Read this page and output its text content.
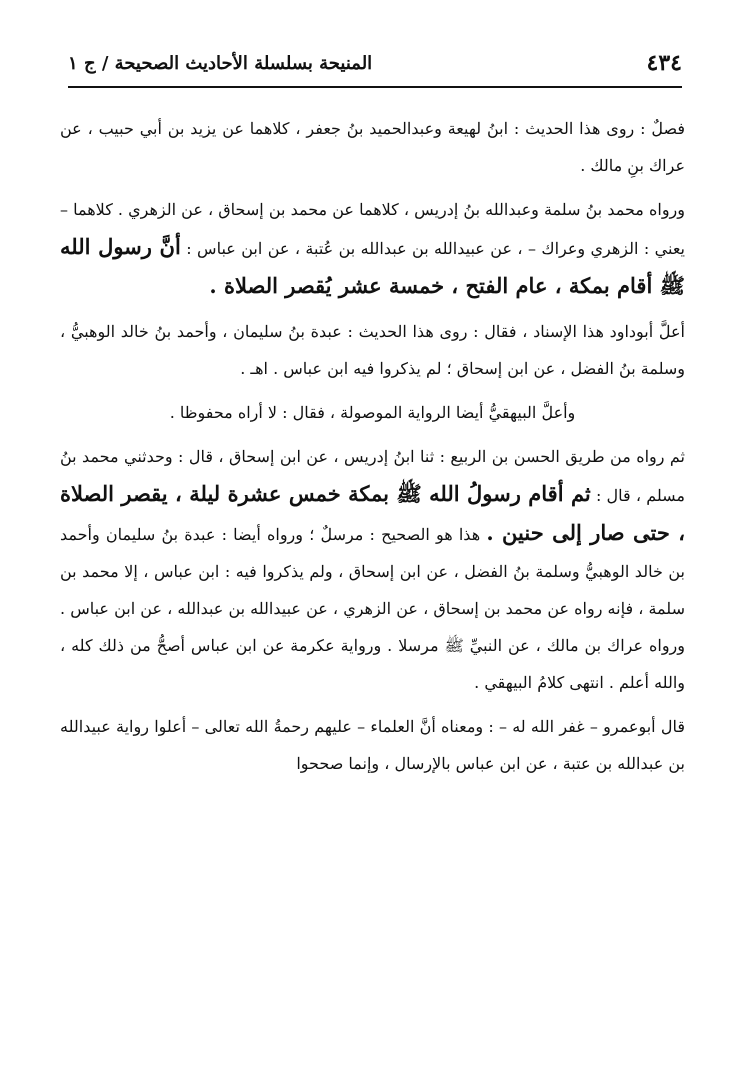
٤٣٤
المنيحة بسلسلة الأحاديث الصحيحة / ج ١

فصلٌ : روى هذا الحديث : ابنُ لهيعة وعبدالحميد بنُ جعفر ، كلاهما عن يزيد بن أبي حبيب ، عن عراك بنِ مالك .

ورواه محمد بنُ سلمة وعبدالله بنُ إدريس ، كلاهما عن محمد بن إسحاق ، عن الزهري . كلاهما – يعني : الزهري وعراك – ، عن عبيدالله بن عبدالله بن عُتبة ، عن ابن عباس : أنَّ رسول الله ﷺ أقام بمكة ، عام الفتح ، خمسة عشر يُقصر الصلاة .

أعلَّ أبوداود هذا الإسناد ، فقال : روى هذا الحديث : عبدة بنُ سليمان ، وأحمد بنُ خالد الوهبيُّ ، وسلمة بنُ الفضل ، عن ابن إسحاق ؛ لم يذكروا فيه ابن عباس . اهـ .

وأعلَّ البيهقيُّ أيضا الرواية الموصولة ، فقال : لا أراه محفوظا .

ثم رواه من طريق الحسن بن الربيع : ثنا ابنُ إدريس ، عن ابن إسحاق ، قال : وحدثني محمد بنُ مسلم ، قال : ثم أقام رسولُ الله ﷺ بمكة خمس عشرة ليلة ، يقصر الصلاة ، حتى صار إلى حنين . هذا هو الصحيح : مرسلٌ ؛ ورواه أيضا : عبدة بنُ سليمان وأحمد بن خالد الوهبيُّ وسلمة بنُ الفضل ، عن ابن إسحاق ، ولم يذكروا فيه : ابن عباس ، إلا محمد بن سلمة ، فإنه رواه عن محمد بن إسحاق ، عن الزهري ، عن عبيدالله بن عبدالله ، عن ابن عباس . ورواه عراك بن مالك ، عن النبيِّ ﷺ مرسلا . ورواية عكرمة عن ابن عباس أصحُّ من ذلك كله ، والله أعلم . انتهى كلامُ البيهقي .

قال أبوعمرو – غفر الله له – : ومعناه أنَّ العلماء – عليهم رحمةُ الله تعالى – أعلوا رواية عبيدالله بن عبدالله بن عتبة ، عن ابن عباس بالإرسال ، وإنما صححوا
